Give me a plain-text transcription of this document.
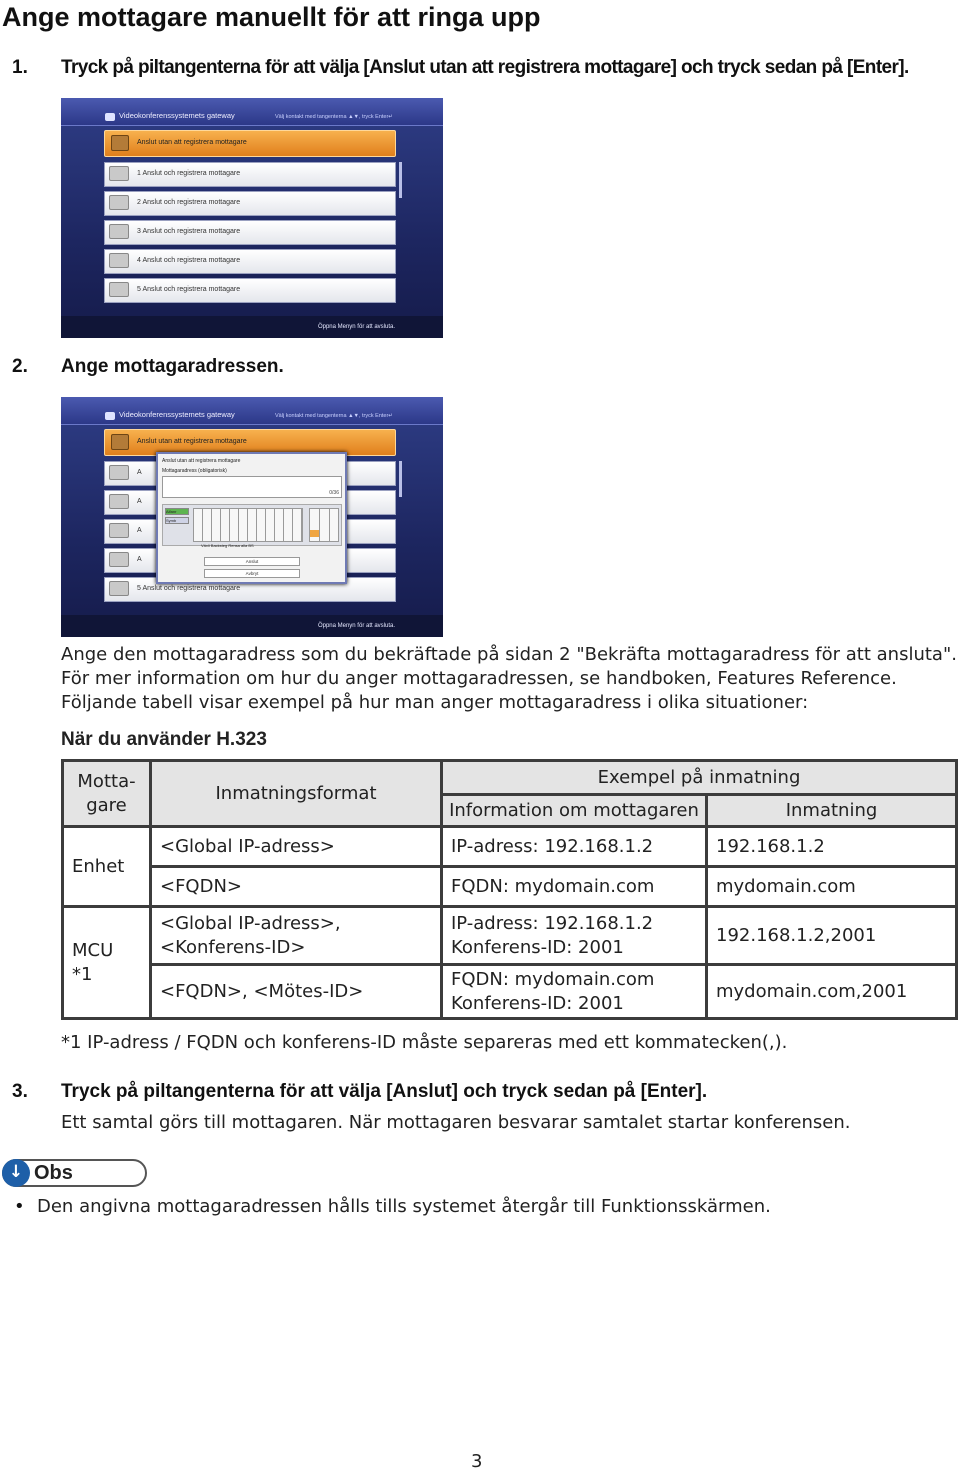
Ange mottagare manuellt för att ringa upp
1. Tryck på piltangenterna för att välja [Anslut utan att registrera mottagare] och tryck sedan på [Enter].
Videokonferenssystemets gateway	Välj kontakt med tangenterna ▲▼, tryck Enter↵
Anslut utan att registrera mottagare
1 Anslut och registrera mottagare
2 Anslut och registrera mottagare
3 Anslut och registrera mottagare
4 Anslut och registrera mottagare
5 Anslut och registrera mottagare
Öppna Menyn för att avsluta.
2. Ange mottagaradressen.
Videokonferenssystemets gateway	Välj kontakt med tangenterna ▲▼, tryck Enter↵
Anslut utan att registrera mottagare
A
A
A
A
5 Anslut och registrera mottagare
Öppna Menyn för att avsluta.
Anslut utan att registrera mottagare
Mottagaradress (obligatorisk)
0/36
Alfanr
Symb
Växli Backsteg Rensa alla BS
Anslut
Avbryt
Ange den mottagaradress som du bekräftade på sidan 2 "Bekräfta mottagaradress för att ansluta".
För mer information om hur du anger mottagaradressen, se handboken, Features Reference.
Följande tabell visar exempel på hur man anger mottagaradress i olika situationer:
När du använder H.323
Motta-
gare	Inmatningsformat	Exempel på inmatning	
		Information om mottagaren	Inmatning
Enhet	<Global IP-adress>	IP-adress: 192.168.1.2	192.168.1.2
	<FQDN>	FQDN: mydomain.com	mydomain.com

MCU
*1	<Global IP-adress>,
<Konferens-ID>	IP-adress: 192.168.1.2
Konferens-ID: 2001	192.168.1.2,2001
	<FQDN>, <Mötes-ID>	FQDN: mydomain.com
Konferens-ID: 2001	mydomain.com,2001
*1 IP-adress / FQDN och konferens-ID måste separeras med ett kommatecken(,).
3. Tryck på piltangenterna för att välja [Anslut] och tryck sedan på [Enter].
Ett samtal görs till mottagaren. När mottagaren besvarar samtalet startar konferensen.
↓ Obs
• Den angivna mottagaradressen hålls tills systemet återgår till Funktionsskärmen.
3
